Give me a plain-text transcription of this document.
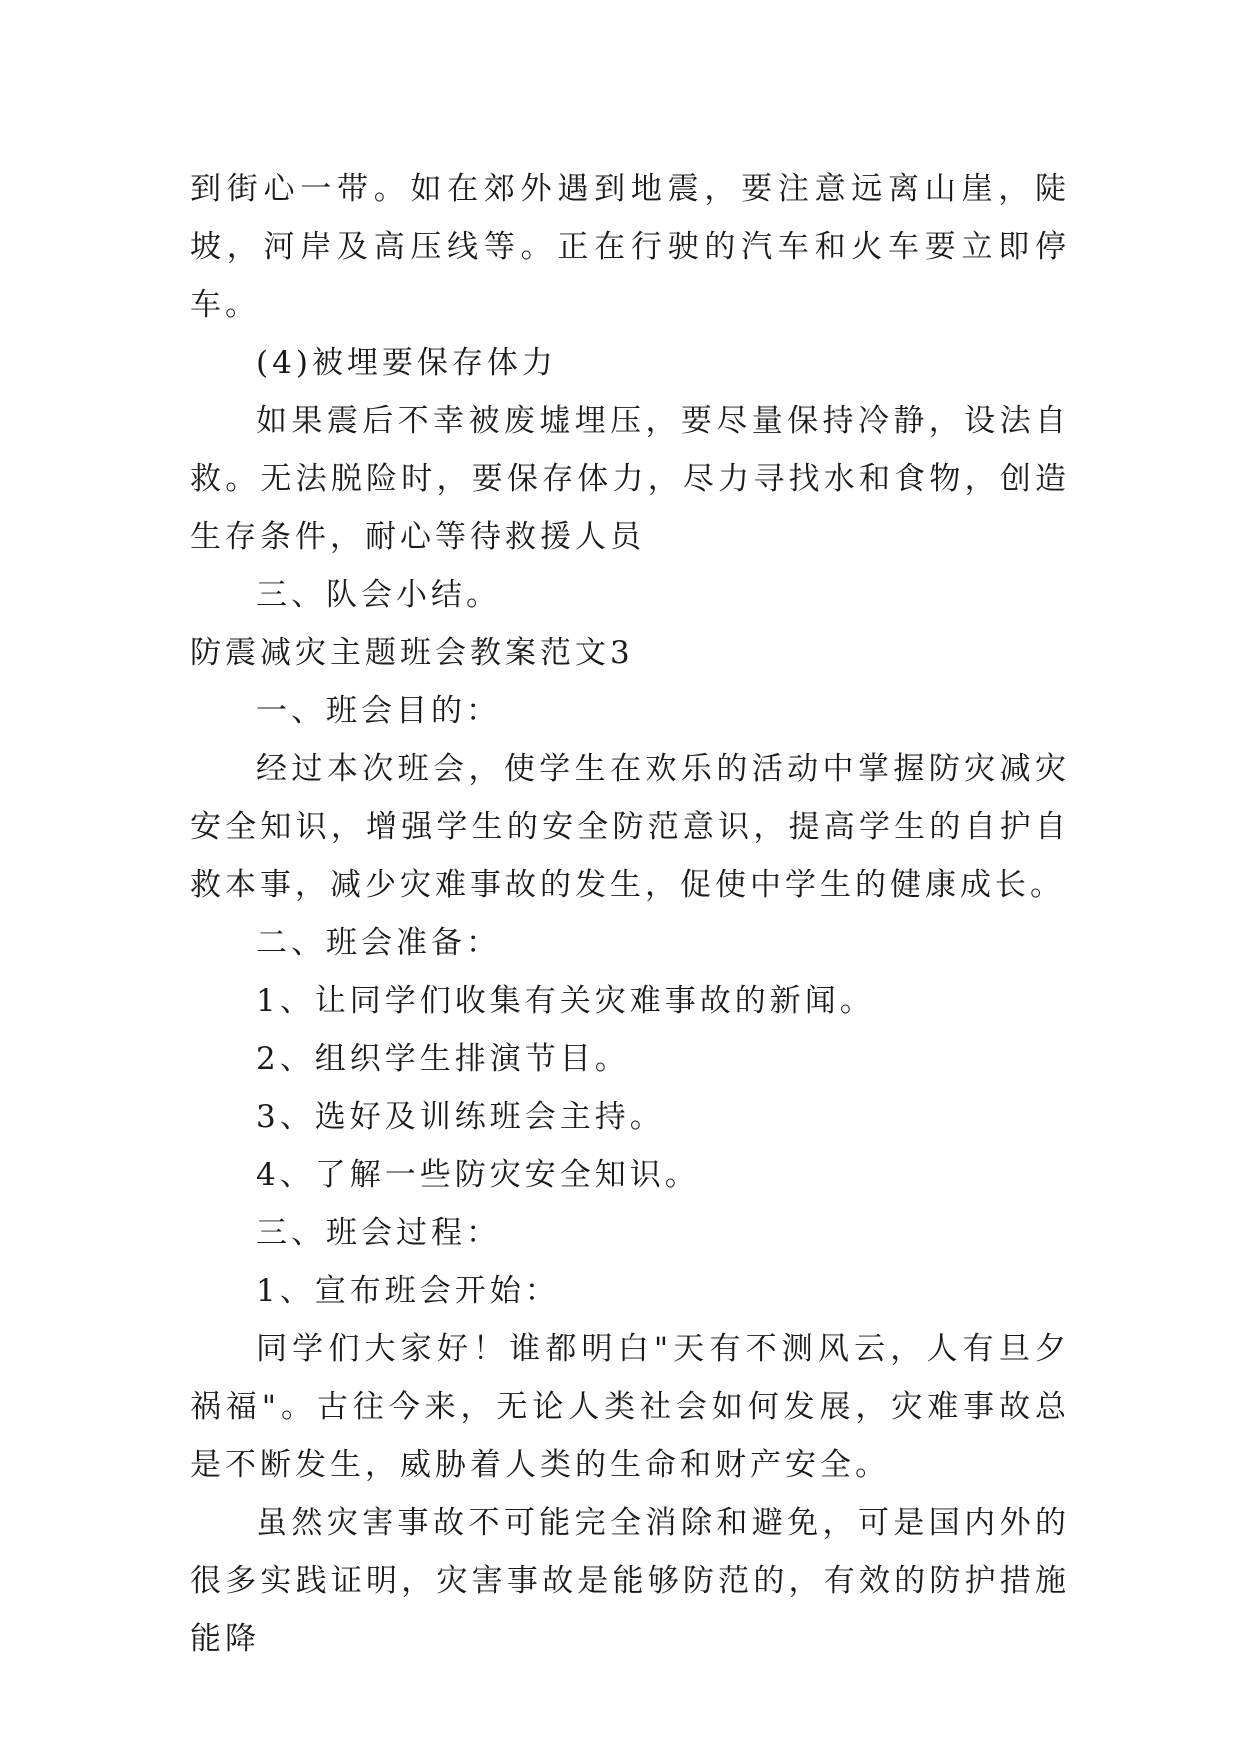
到街心一带。如在郊外遇到地震，要注意远离山崖，陡坡，河岸及高压线等。正在行驶的汽车和火车要立即停车。

(4)被埋要保存体力

如果震后不幸被废墟埋压，要尽量保持冷静，设法自救。无法脱险时，要保存体力，尽力寻找水和食物，创造生存条件，耐心等待救援人员

三、队会小结。

防震减灾主题班会教案范文3

一、班会目的：

经过本次班会，使学生在欢乐的活动中掌握防灾减灾安全知识，增强学生的安全防范意识，提高学生的自护自救本事，减少灾难事故的发生，促使中学生的健康成长。

二、班会准备：

1、让同学们收集有关灾难事故的新闻。

2、组织学生排演节目。

3、选好及训练班会主持。

4、了解一些防灾安全知识。

三、班会过程：

1、宣布班会开始：

同学们大家好！谁都明白"天有不测风云，人有旦夕祸福"。古往今来，无论人类社会如何发展，灾难事故总是不断发生，威胁着人类的生命和财产安全。

虽然灾害事故不可能完全消除和避免，可是国内外的很多实践证明，灾害事故是能够防范的，有效的防护措施能降
